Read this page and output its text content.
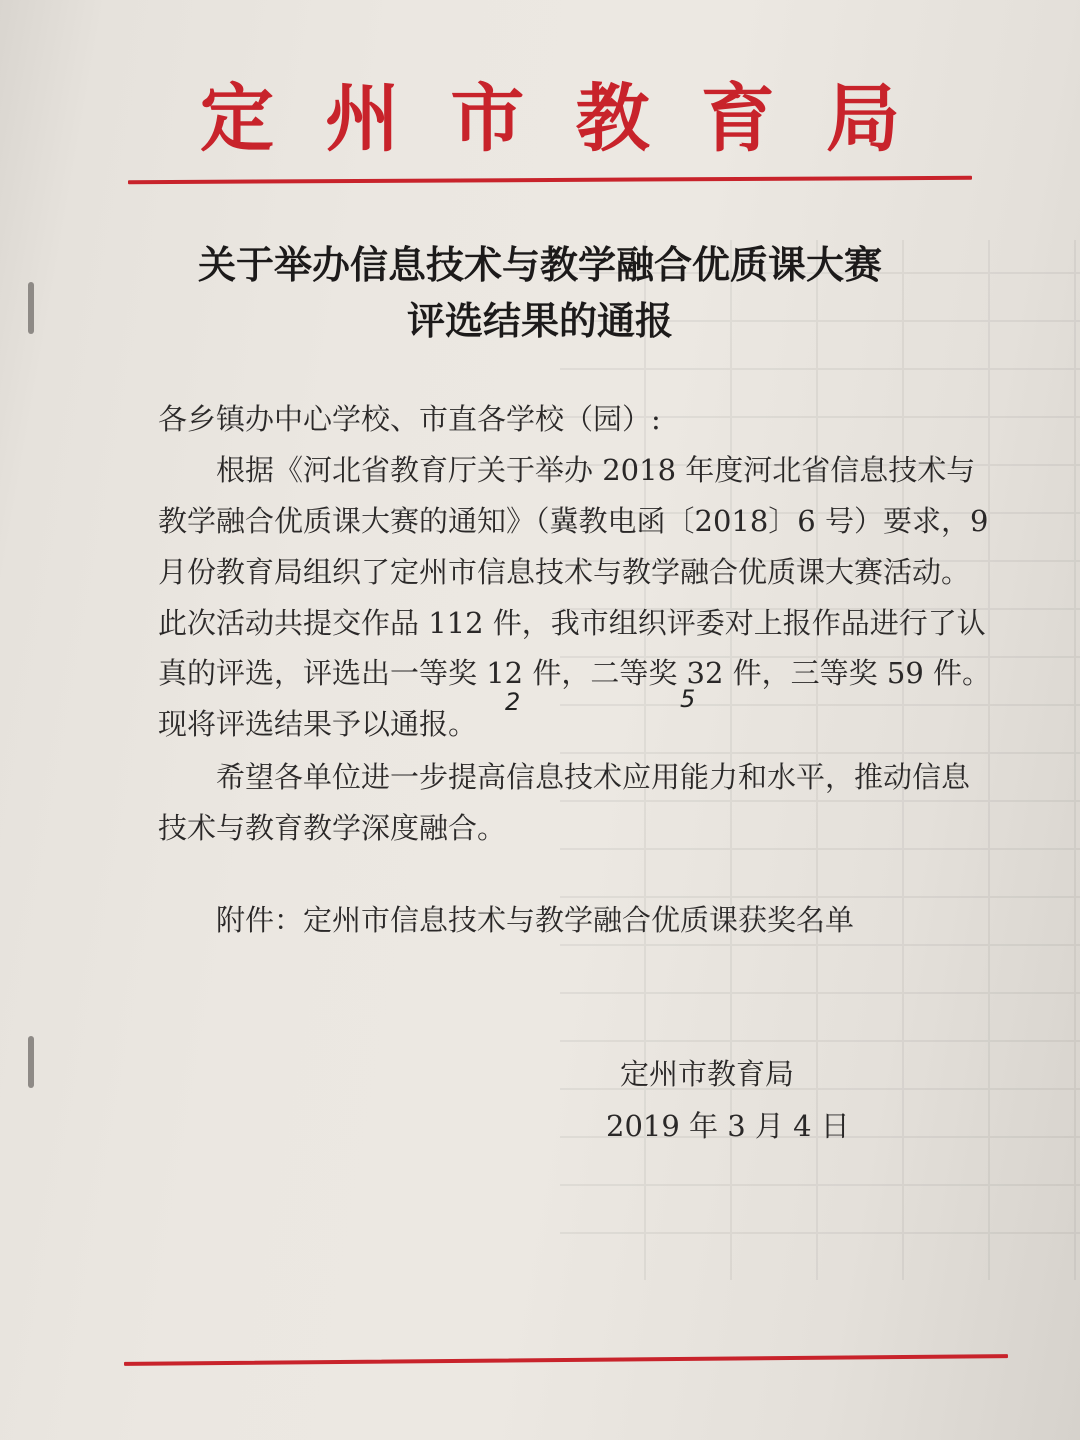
定 州 市 教 育 局
关于举办信息技术与教学融合优质课大赛
评选结果的通报
各乡镇办中心学校、市直各学校（园）:
根据《河北省教育厅关于举办 2018 年度河北省信息技术与
教学融合优质课大赛的通知》（冀教电函〔2018〕6 号）要求，9
月份教育局组织了定州市信息技术与教学融合优质课大赛活动。
此次活动共提交作品 112 件，我市组织评委对上报作品进行了认
真的评选，评选出一等奖 12 件，二等奖 32 件，三等奖 59 件。
现将评选结果予以通报。
2	5
希望各单位进一步提高信息技术应用能力和水平，推动信息
技术与教育教学深度融合。
附件：定州市信息技术与教学融合优质课获奖名单
定州市教育局
2019 年 3 月 4 日
